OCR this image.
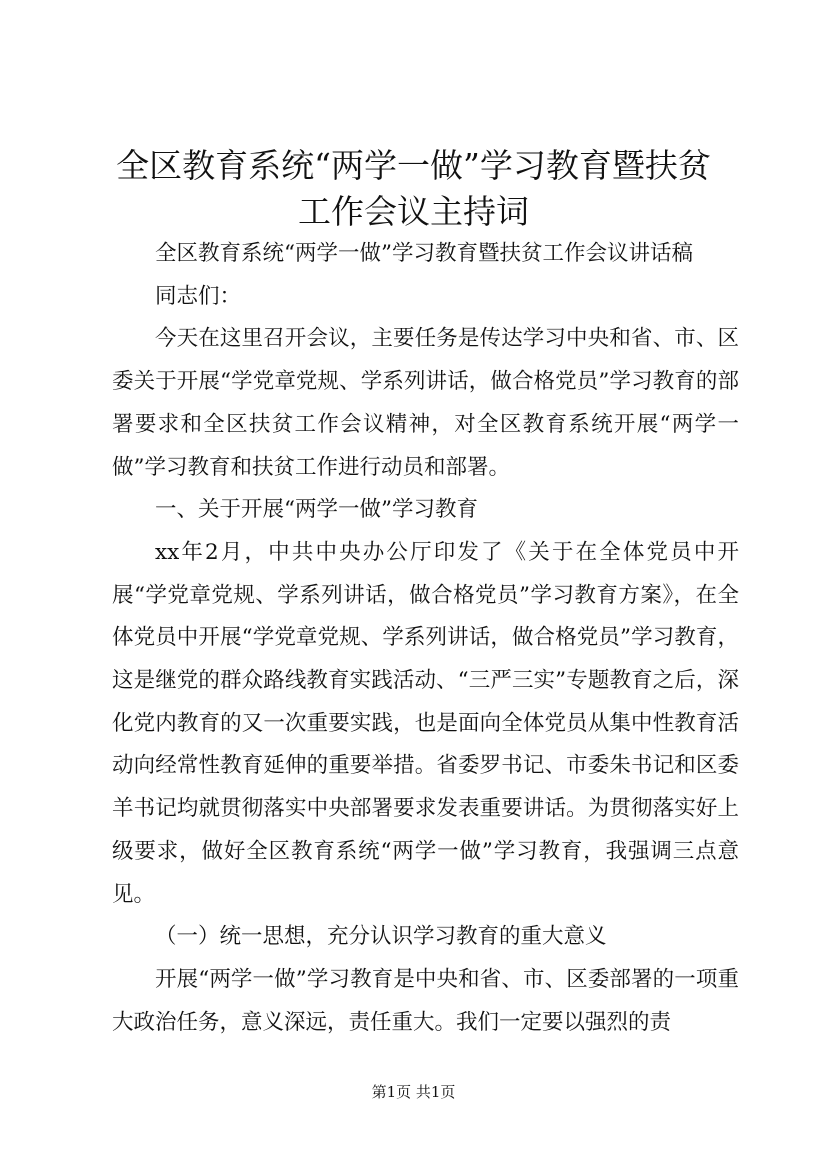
全区教育系统“两学一做”学习教育暨扶贫工作会议主持词

全区教育系统“两学一做”学习教育暨扶贫工作会议讲话稿

同志们：

今天在这里召开会议，主要任务是传达学习中央和省、市、区委关于开展“学党章党规、学系列讲话，做合格党员”学习教育的部署要求和全区扶贫工作会议精神，对全区教育系统开展“两学一做”学习教育和扶贫工作进行动员和部署。

一、关于开展“两学一做”学习教育

xx年2月，中共中央办公厅印发了《关于在全体党员中开展“学党章党规、学系列讲话，做合格党员”学习教育方案》，在全体党员中开展“学党章党规、学系列讲话，做合格党员”学习教育，这是继党的群众路线教育实践活动、“三严三实”专题教育之后，深化党内教育的又一次重要实践，也是面向全体党员从集中性教育活动向经常性教育延伸的重要举措。省委罗书记、市委朱书记和区委羊书记均就贯彻落实中央部署要求发表重要讲话。为贯彻落实好上级要求，做好全区教育系统“两学一做”学习教育，我强调三点意见。

（一）统一思想，充分认识学习教育的重大意义

开展“两学一做”学习教育是中央和省、市、区委部署的一项重大政治任务，意义深远，责任重大。我们一定要以强烈的责

第1页 共1页
